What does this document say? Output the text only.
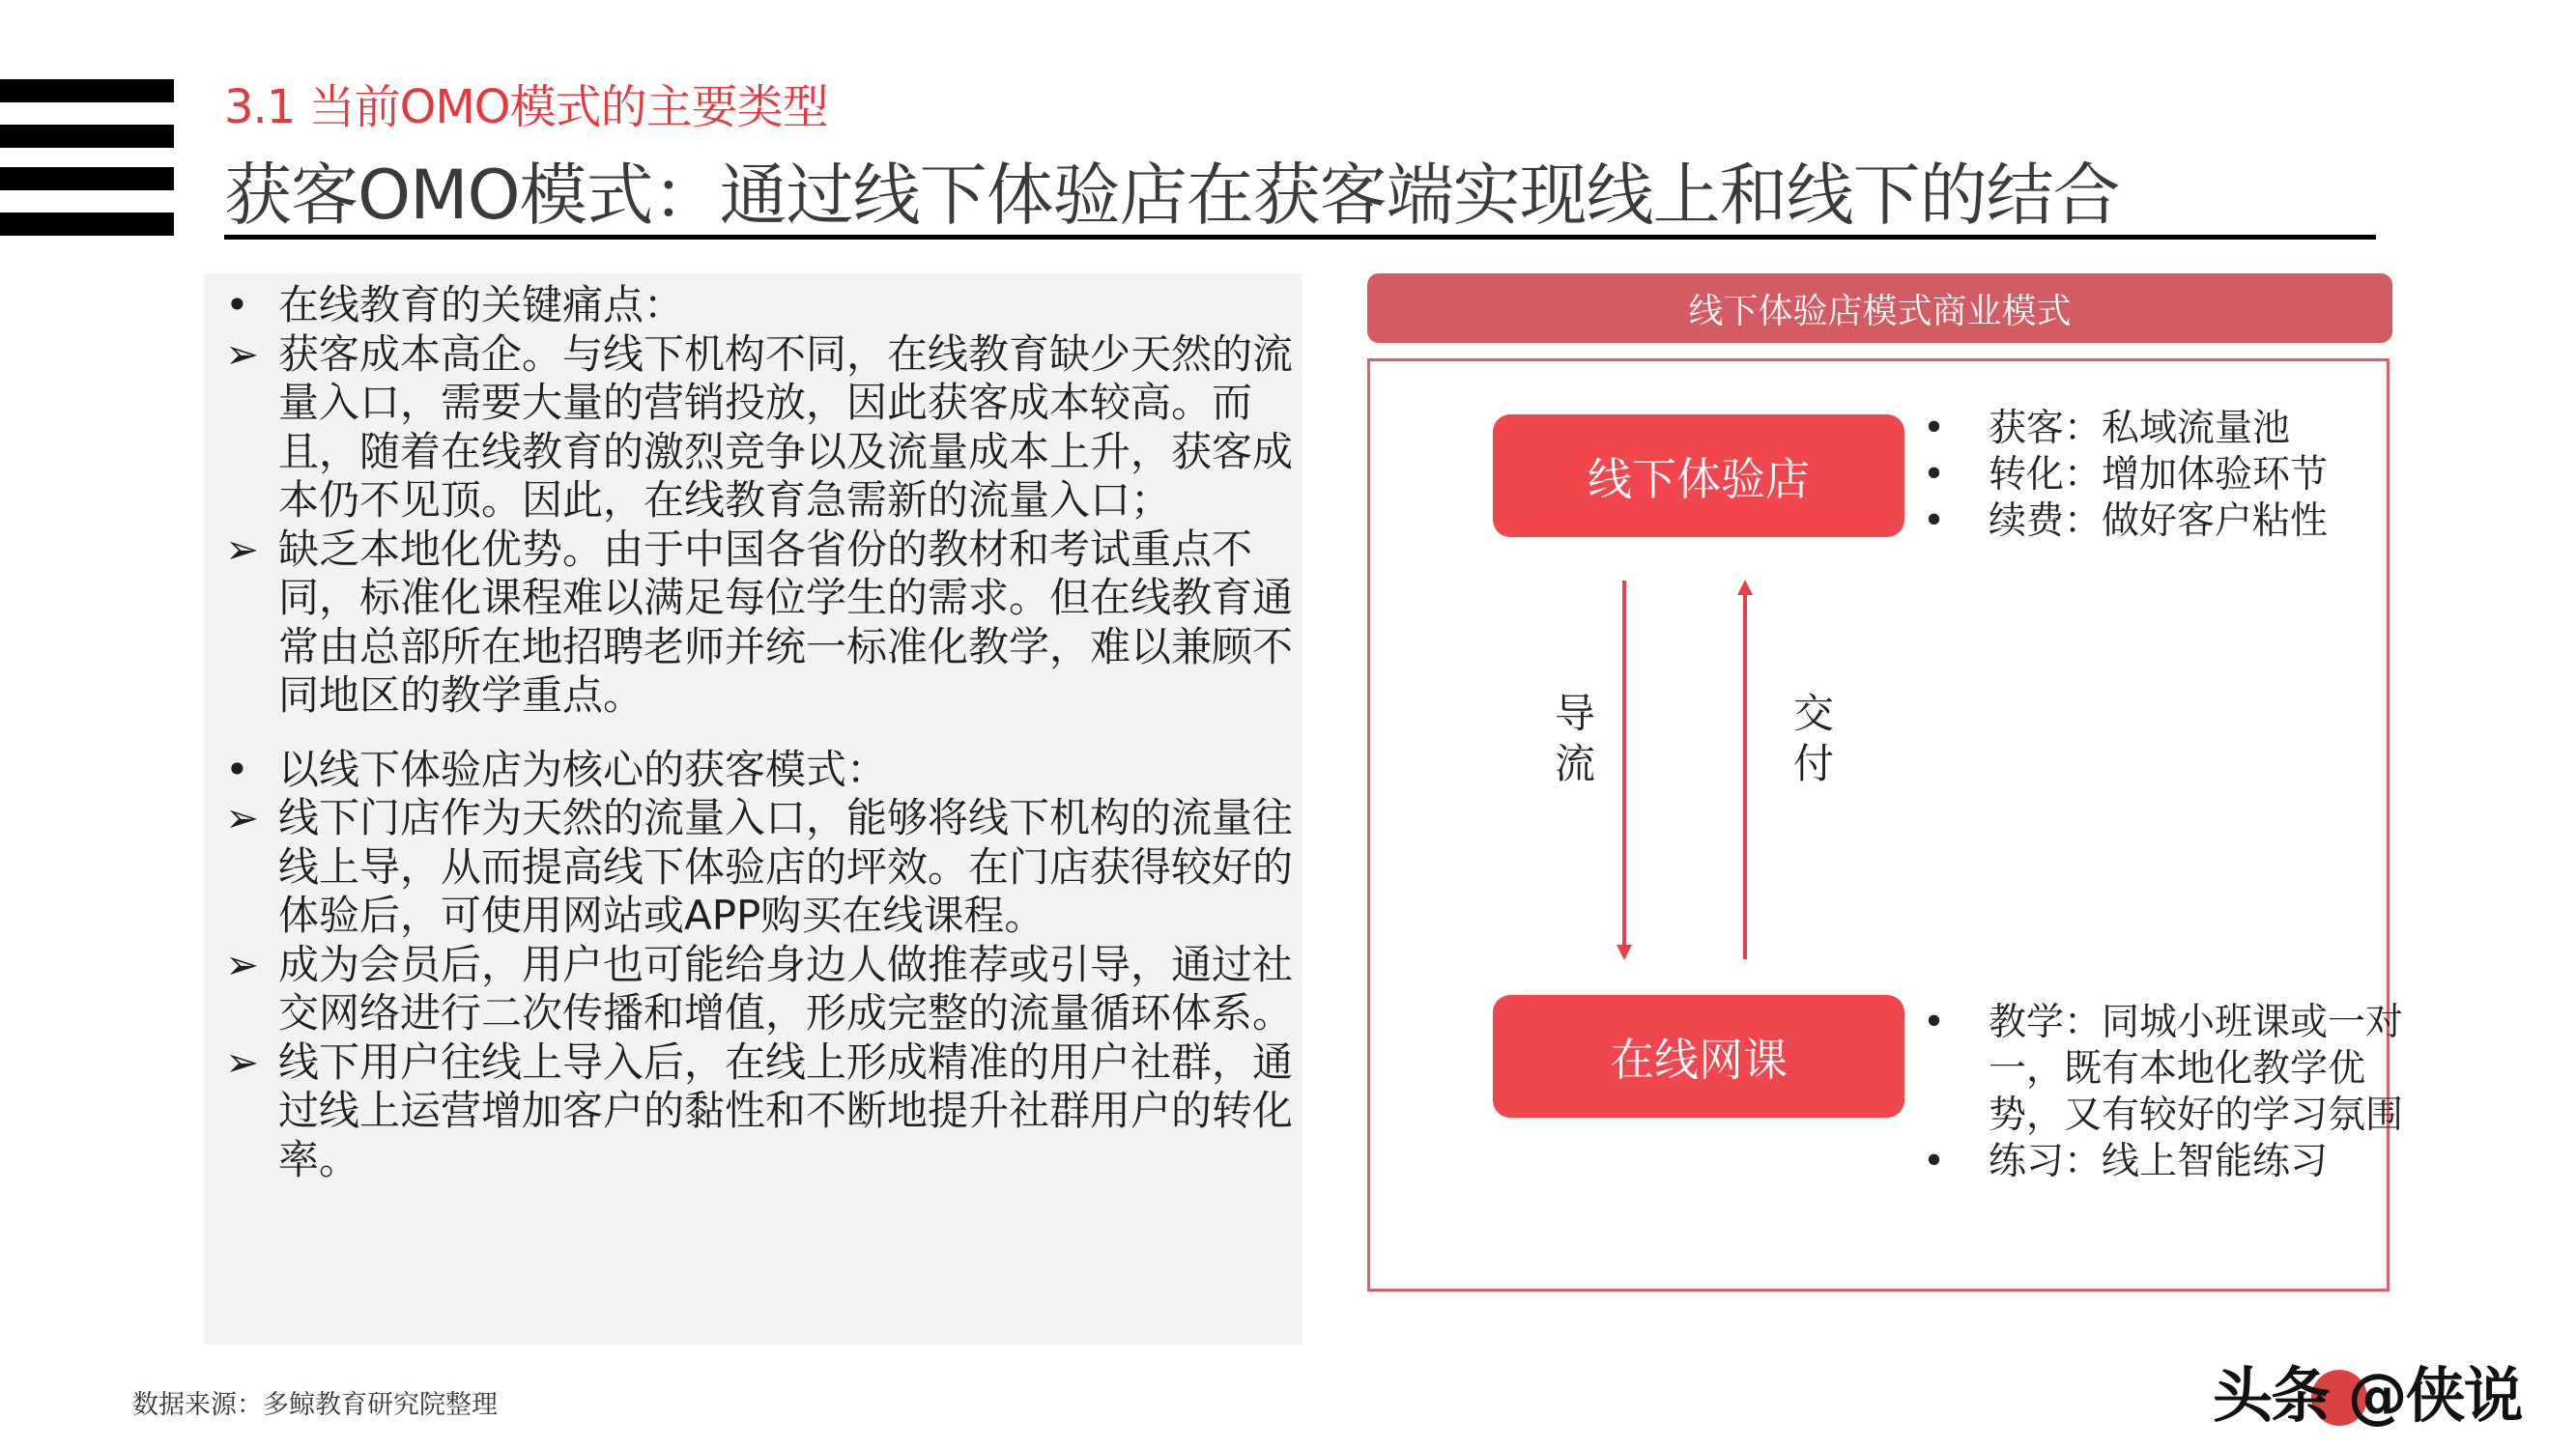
3.1 当前OMO模式的主要类型
获客OMO模式：通过线下体验店在获客端实现线上和线下的结合
• 在线教育的关键痛点：
➢ 获客成本高企。与线下机构不同，在线教育缺少天然的流量入口，需要大量的营销投放，因此获客成本较高。而且，随着在线教育的激烈竞争以及流量成本上升，获客成本仍不见顶。因此，在线教育急需新的流量入口；
➢ 缺乏本地化优势。由于中国各省份的教材和考试重点不同，标准化课程难以满足每位学生的需求。但在线教育通常由总部所在地招聘老师并统一标准化教学，难以兼顾不同地区的教学重点。
• 以线下体验店为核心的获客模式：
➢ 线下门店作为天然的流量入口，能够将线下机构的流量往线上导，从而提高线下体验店的坪效。在门店获得较好的体验后，可使用网站或APP购买在线课程。
➢ 成为会员后，用户也可能给身边人做推荐或引导，通过社交网络进行二次传播和增值，形成完整的流量循环体系。
➢ 线下用户往线上导入后，在线上形成精准的用户社群，通过线上运营增加客户的黏性和不断地提升社群用户的转化率。
线下体验店模式商业模式
线下体验店
在线网课
导流
交付
• 获客：私域流量池
• 转化：增加体验环节
• 续费：做好客户粘性
• 教学：同城小班课或一对一，既有本地化教学优势，又有较好的学习氛围
• 练习：线上智能练习
数据来源：多鲸教育研究院整理	头条 @侠说
